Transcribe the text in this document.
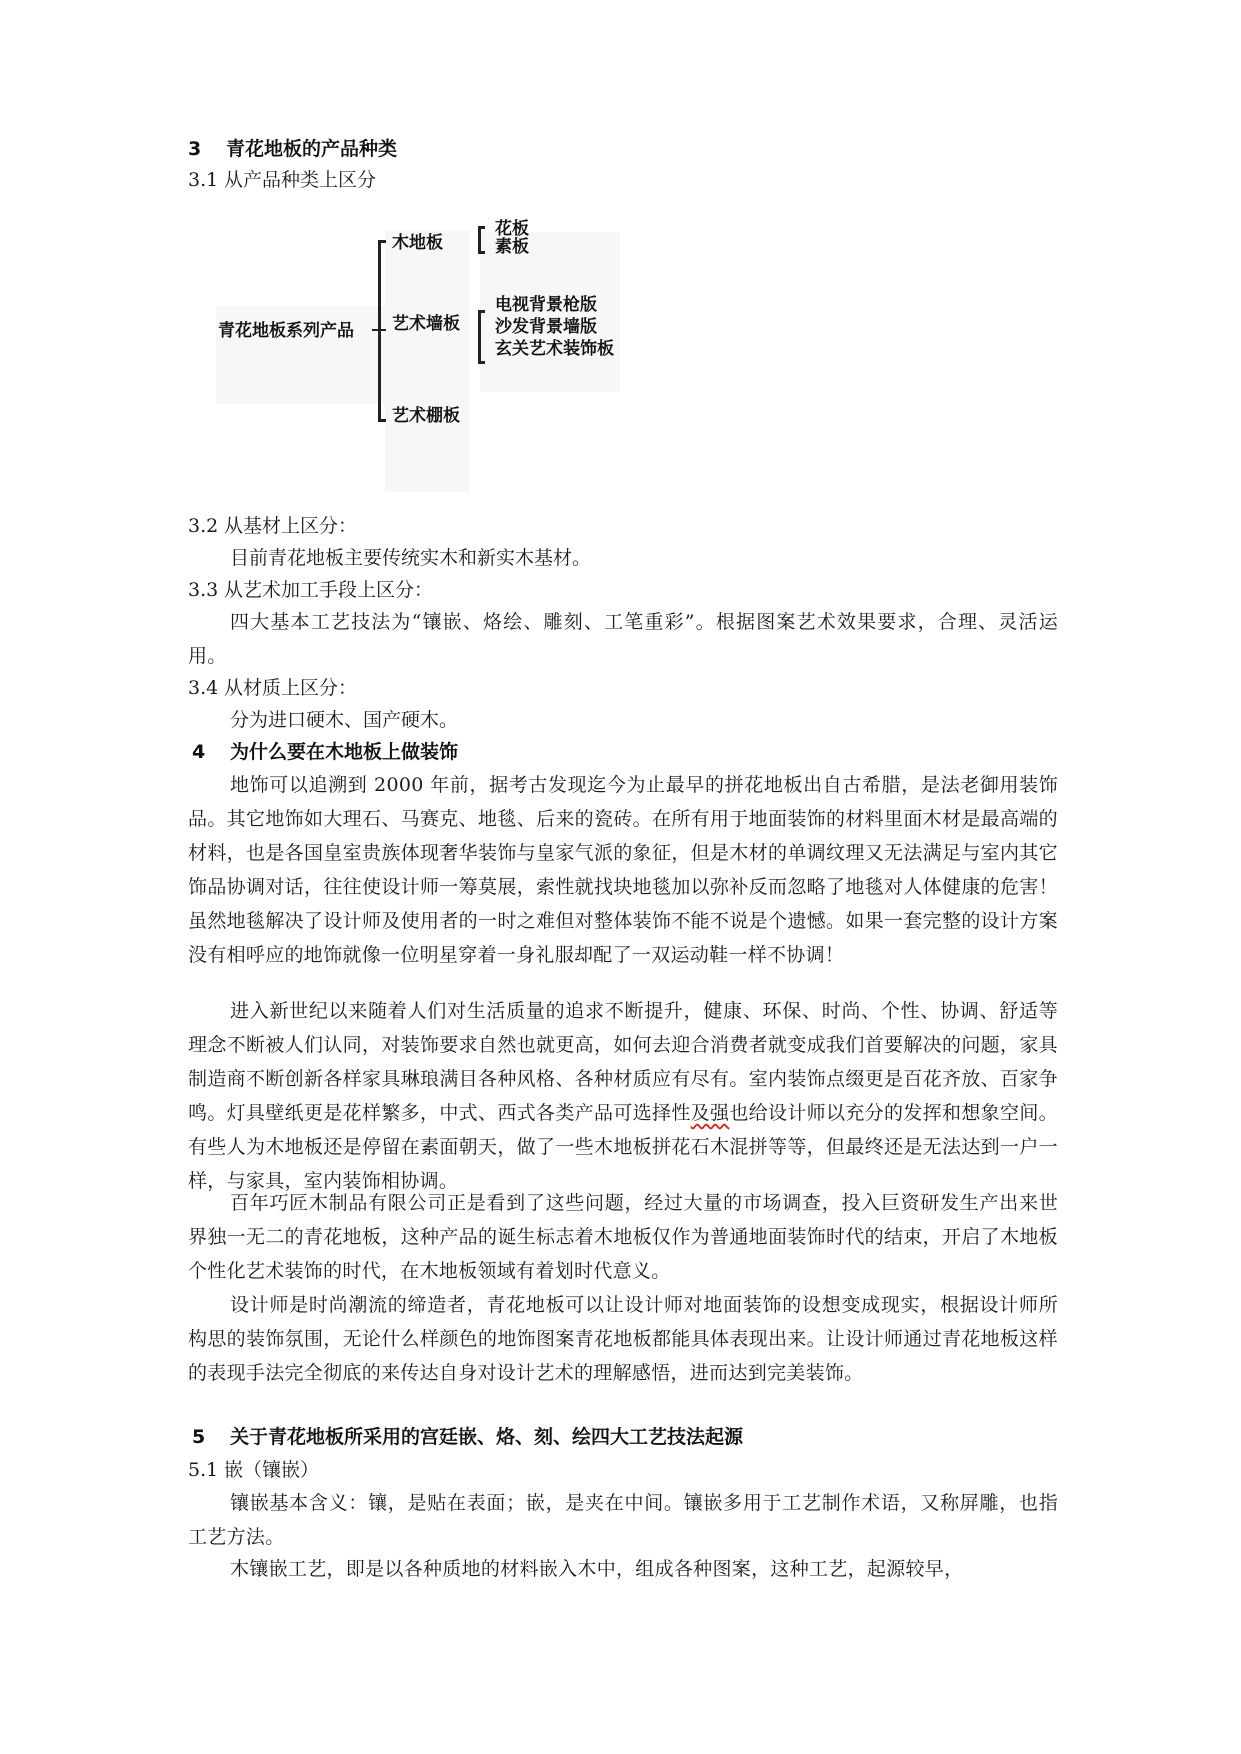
3 青花地板的产品种类
3.1 从产品种类上区分
青花地板系列产品
木地板
艺术墙板
艺术棚板
花板
素板
电视背景枪版
沙发背景墙版
玄关艺术装饰板
3.2 从基材上区分：
目前青花地板主要传统实木和新实木基材。
3.3 从艺术加工手段上区分：
四大基本工艺技法为“镶嵌、烙绘、雕刻、工笔重彩”。根据图案艺术效果要求，合理、灵活运用。
3.4 从材质上区分：
分为进口硬木、国产硬木。
4 为什么要在木地板上做装饰
地饰可以追溯到 2000 年前，据考古发现迄今为止最早的拼花地板出自古希腊，是法老御用装饰品。其它地饰如大理石、马赛克、地毯、后来的瓷砖。在所有用于地面装饰的材料里面木材是最高端的材料，也是各国皇室贵族体现奢华装饰与皇家气派的象征，但是木材的单调纹理又无法满足与室内其它饰品协调对话，往往使设计师一筹莫展，索性就找块地毯加以弥补反而忽略了地毯对人体健康的危害！虽然地毯解决了设计师及使用者的一时之难但对整体装饰不能不说是个遗憾。如果一套完整的设计方案没有相呼应的地饰就像一位明星穿着一身礼服却配了一双运动鞋一样不协调！
进入新世纪以来随着人们对生活质量的追求不断提升，健康、环保、时尚、个性、协调、舒适等理念不断被人们认同，对装饰要求自然也就更高，如何去迎合消费者就变成我们首要解决的问题，家具制造商不断创新各样家具琳琅满目各种风格、各种材质应有尽有。室内装饰点缀更是百花齐放、百家争鸣。灯具壁纸更是花样繁多，中式、西式各类产品可选择性及强也给设计师以充分的发挥和想象空间。有些人为木地板还是停留在素面朝天，做了一些木地板拼花石木混拼等等，但最终还是无法达到一户一样，与家具，室内装饰相协调。
百年巧匠木制品有限公司正是看到了这些问题，经过大量的市场调查，投入巨资研发生产出来世界独一无二的青花地板，这种产品的诞生标志着木地板仅作为普通地面装饰时代的结束，开启了木地板个性化艺术装饰的时代，在木地板领域有着划时代意义。
设计师是时尚潮流的缔造者，青花地板可以让设计师对地面装饰的设想变成现实，根据设计师所构思的装饰氛围，无论什么样颜色的地饰图案青花地板都能具体表现出来。让设计师通过青花地板这样的表现手法完全彻底的来传达自身对设计艺术的理解感悟，进而达到完美装饰。
5 关于青花地板所采用的宫廷嵌、烙、刻、绘四大工艺技法起源
5.1 嵌（镶嵌）
镶嵌基本含义：镶，是贴在表面；嵌，是夹在中间。镶嵌多用于工艺制作术语，又称屏雕，也指工艺方法。
木镶嵌工艺，即是以各种质地的材料嵌入木中，组成各种图案，这种工艺，起源较早，
